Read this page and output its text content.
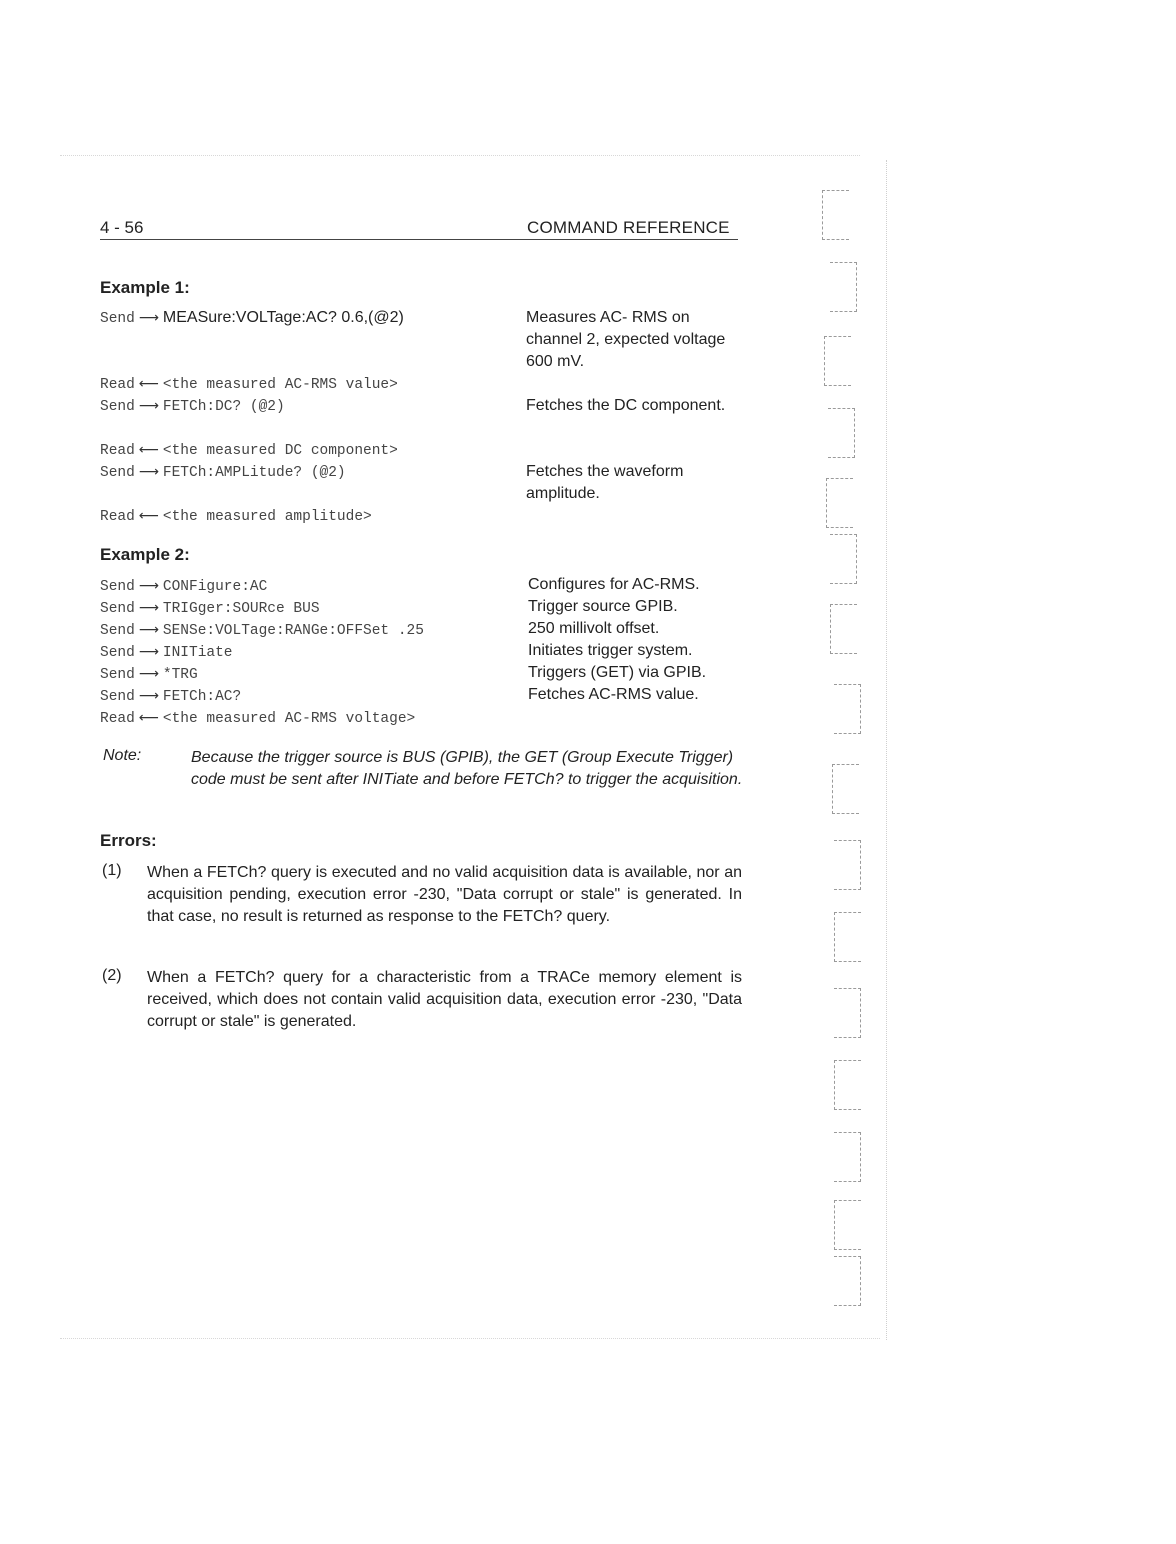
4 - 56	COMMAND REFERENCE
Example 1:
Send ⟶ MEASure:VOLTage:AC? 0.6,(@2)
Read ⟵ <the measured AC-RMS value>
Send ⟶ FETCh:DC? (@2)
Read ⟵ <the measured DC component>
Send ⟶ FETCh:AMPLitude? (@2)
Read ⟵ <the measured amplitude>
Measures AC- RMS on channel 2, expected voltage 600 mV.
Fetches the DC component.
Fetches the waveform amplitude.
Example 2:
Send ⟶ CONFigure:AC
Send ⟶ TRIGger:SOURce BUS
Send ⟶ SENSe:VOLTage:RANGe:OFFSet .25
Send ⟶ INITiate
Send ⟶ *TRG
Send ⟶ FETCh:AC?
Read ⟵ <the measured AC-RMS voltage>
Configures for AC-RMS.
Trigger source GPIB.
250 millivolt offset.
Initiates trigger system.
Triggers (GET) via GPIB.
Fetches AC-RMS value.
Note:	Because the trigger source is BUS (GPIB), the GET (Group Execute Trigger) code must be sent after INITiate and before FETCh? to trigger the acquisition.
Errors:
(1) When a FETCh? query is executed and no valid acquisition data is available, nor an acquisition pending, execution error -230, "Data corrupt or stale" is generated. In that case, no result is returned as response to the FETCh? query.
(2) When a FETCh? query for a characteristic from a TRACe memory element is received, which does not contain valid acquisition data, execution error -230, "Data corrupt or stale" is generated.
